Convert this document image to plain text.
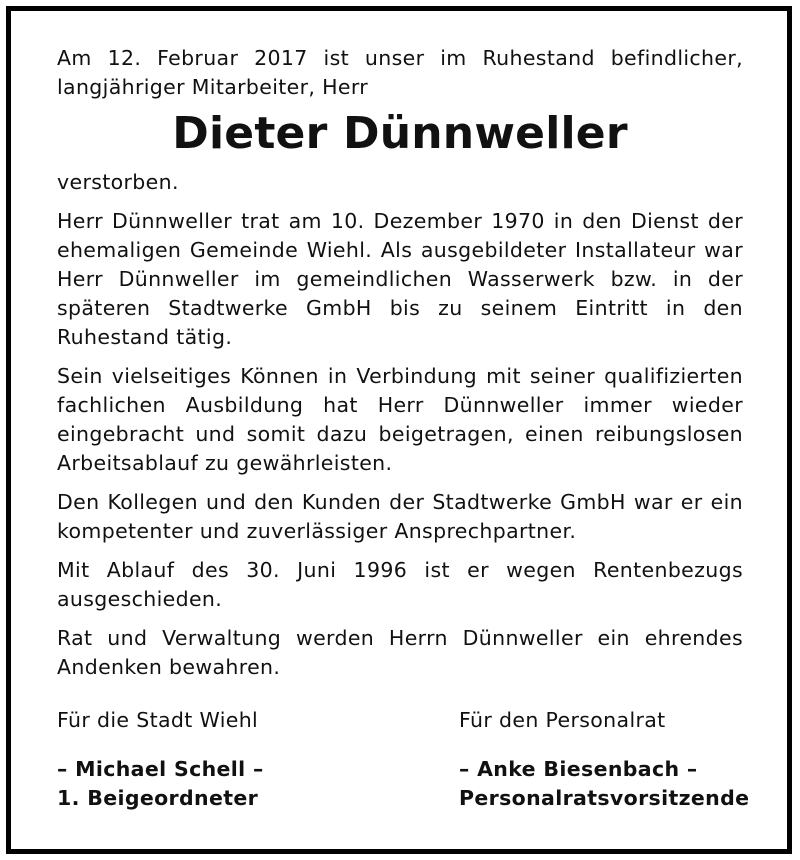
Am 12. Februar 2017 ist unser im Ruhestand befindlicher, langjähriger Mitarbeiter, Herr

Dieter Dünnweller

verstorben.

Herr Dünnweller trat am 10. Dezember 1970 in den Dienst der ehemaligen Gemeinde Wiehl. Als ausgebildeter Installateur war Herr Dünnweller im gemeindlichen Wasserwerk bzw. in der späteren Stadtwerke GmbH bis zu seinem Eintritt in den Ruhestand tätig.

Sein vielseitiges Können in Verbindung mit seiner qualifizierten fachlichen Ausbildung hat Herr Dünnweller immer wieder eingebracht und somit dazu beigetragen, einen reibungslosen Arbeitsablauf zu gewährleisten.

Den Kollegen und den Kunden der Stadtwerke GmbH war er ein kompetenter und zuverlässiger Ansprechpartner.

Mit Ablauf des 30. Juni 1996 ist er wegen Rentenbezugs ausgeschieden.

Rat und Verwaltung werden Herrn Dünnweller ein ehrendes Andenken bewahren.

Für die Stadt Wiehl
– Michael Schell –
1. Beigeordneter
Für den Personalrat
– Anke Biesenbach –
Personalratsvorsitzende
